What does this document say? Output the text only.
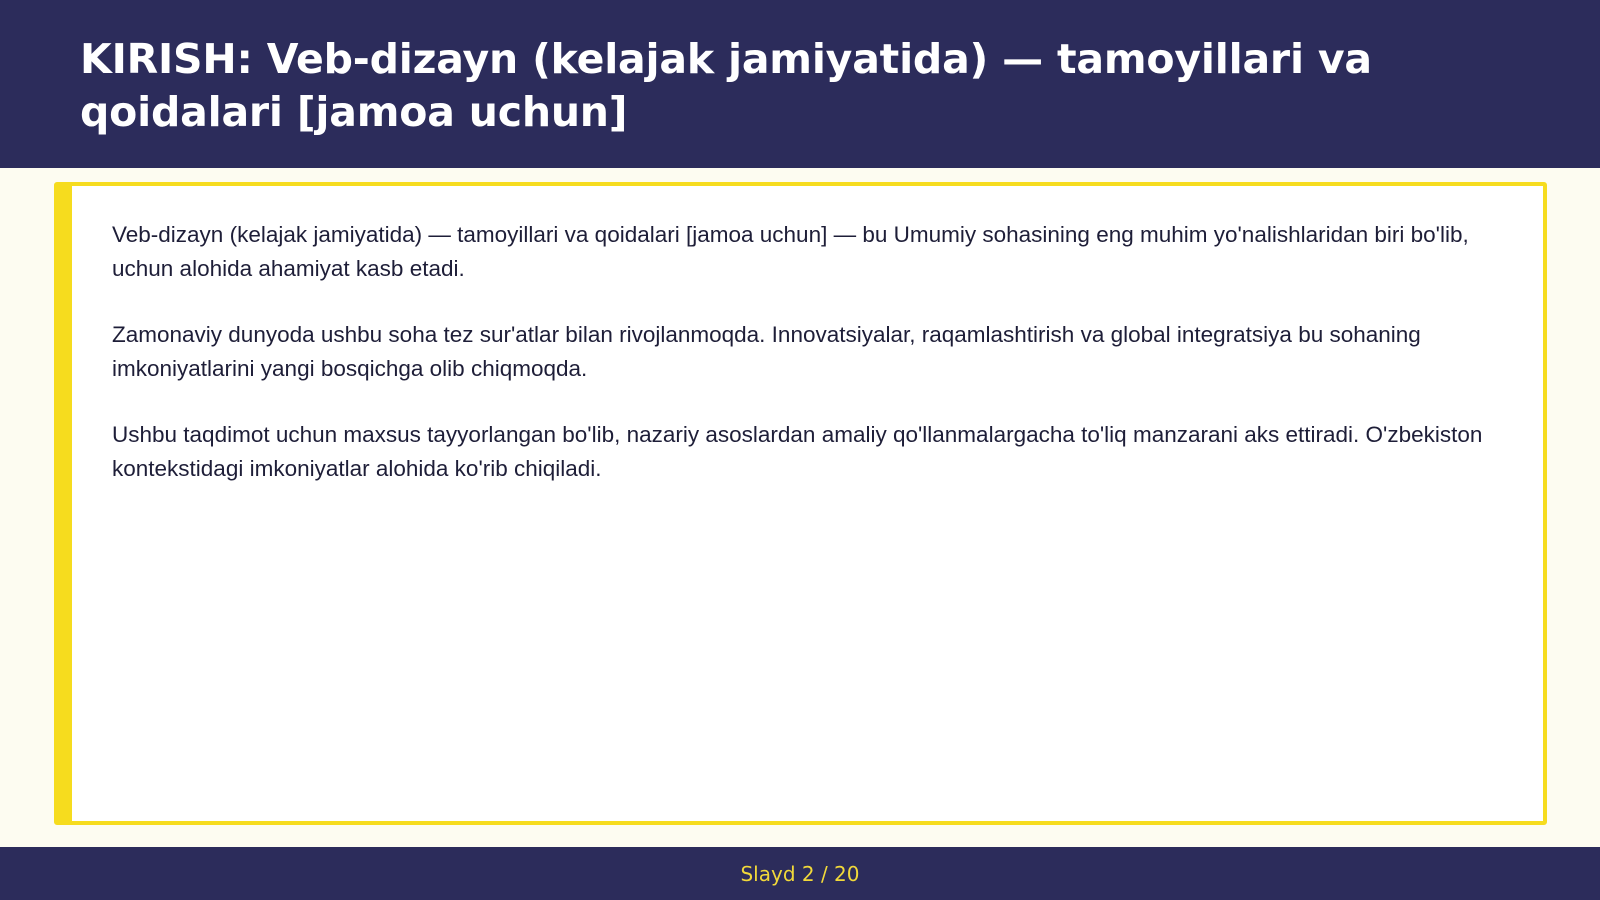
KIRISH: Veb-dizayn (kelajak jamiyatida) — tamoyillari va qoidalari [jamoa uchun]

Veb-dizayn (kelajak jamiyatida) — tamoyillari va qoidalari [jamoa uchun] — bu Umumiy sohasining eng muhim yo'nalishlaridan biri bo'lib, uchun alohida ahamiyat kasb etadi.

Zamonaviy dunyoda ushbu soha tez sur'atlar bilan rivojlanmoqda. Innovatsiyalar, raqamlashtirish va global integratsiya bu sohaning imkoniyatlarini yangi bosqichga olib chiqmoqda.

Ushbu taqdimot uchun maxsus tayyorlangan bo'lib, nazariy asoslardan amaliy qo'llanmalargacha to'liq manzarani aks ettiradi. O'zbekiston kontekstidagi imkoniyatlar alohida ko'rib chiqiladi.

Slayd 2 / 20
